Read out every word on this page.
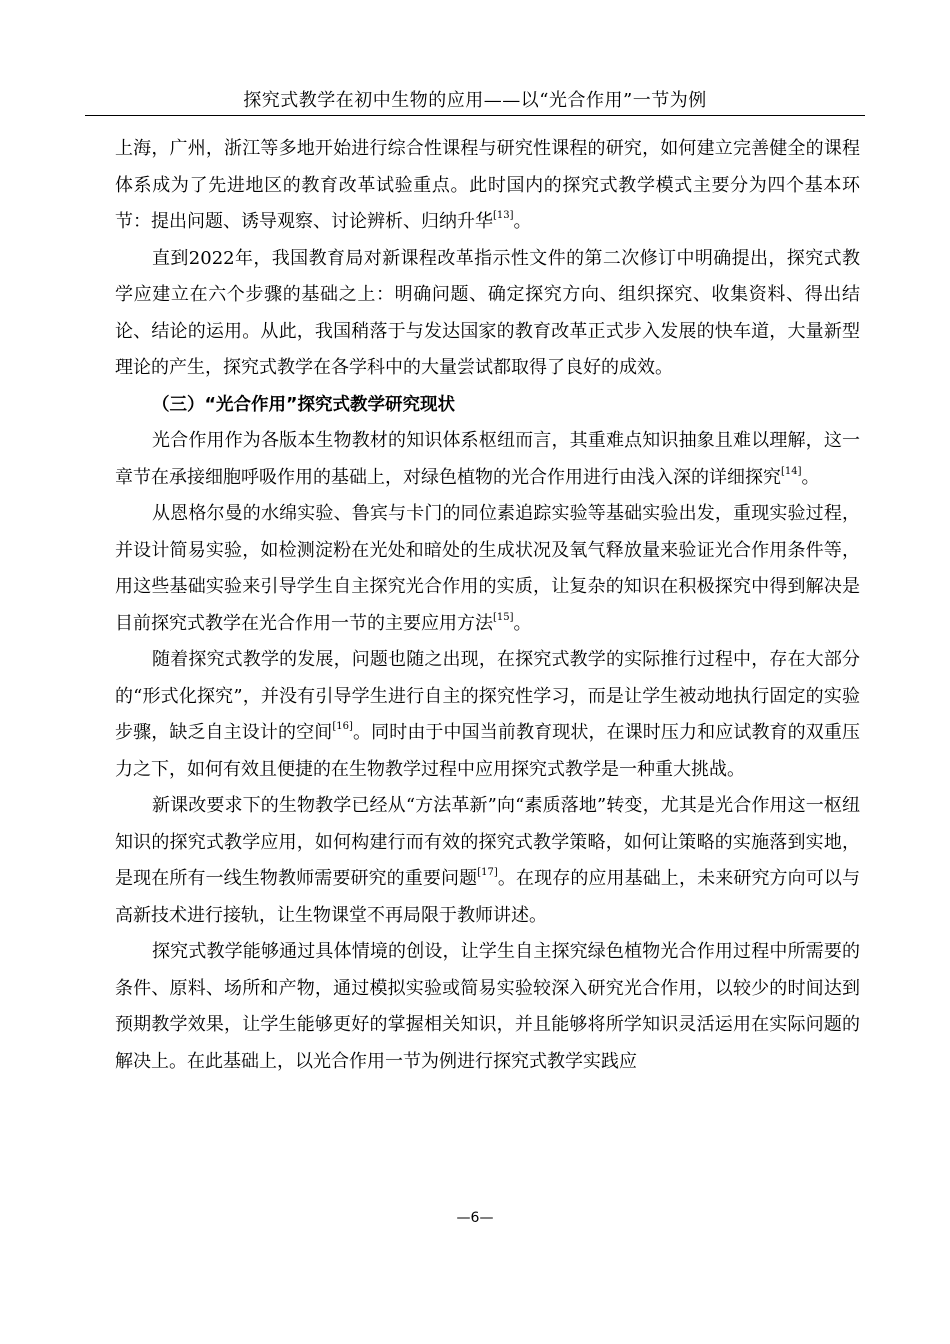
探究式教学在初中生物的应用——以“光合作用”一节为例

上海，广州，浙江等多地开始进行综合性课程与研究性课程的研究，如何建立完善健全的课程体系成为了先进地区的教育改革试验重点。此时国内的探究式教学模式主要分为四个基本环节：提出问题、诱导观察、讨论辨析、归纳升华[13]。

直到2022年，我国教育局对新课程改革指示性文件的第二次修订中明确提出，探究式教学应建立在六个步骤的基础之上：明确问题、确定探究方向、组织探究、收集资料、得出结论、结论的运用。从此，我国稍落于与发达国家的教育改革正式步入发展的快车道，大量新型理论的产生，探究式教学在各学科中的大量尝试都取得了良好的成效。

（三）“光合作用”探究式教学研究现状

光合作用作为各版本生物教材的知识体系枢纽而言，其重难点知识抽象且难以理解，这一章节在承接细胞呼吸作用的基础上，对绿色植物的光合作用进行由浅入深的详细探究[14]。

从恩格尔曼的水绵实验、鲁宾与卡门的同位素追踪实验等基础实验出发，重现实验过程，并设计简易实验，如检测淀粉在光处和暗处的生成状况及氧气释放量来验证光合作用条件等，用这些基础实验来引导学生自主探究光合作用的实质，让复杂的知识在积极探究中得到解决是目前探究式教学在光合作用一节的主要应用方法[15]。

随着探究式教学的发展，问题也随之出现，在探究式教学的实际推行过程中，存在大部分的“形式化探究”，并没有引导学生进行自主的探究性学习，而是让学生被动地执行固定的实验步骤，缺乏自主设计的空间[16]。同时由于中国当前教育现状，在课时压力和应试教育的双重压力之下，如何有效且便捷的在生物教学过程中应用探究式教学是一种重大挑战。

新课改要求下的生物教学已经从“方法革新”向“素质落地”转变，尤其是光合作用这一枢纽知识的探究式教学应用，如何构建行而有效的探究式教学策略，如何让策略的实施落到实地，是现在所有一线生物教师需要研究的重要问题[17]。在现存的应用基础上，未来研究方向可以与高新技术进行接轨，让生物课堂不再局限于教师讲述。

探究式教学能够通过具体情境的创设，让学生自主探究绿色植物光合作用过程中所需要的条件、原料、场所和产物，通过模拟实验或简易实验较深入研究光合作用，以较少的时间达到预期教学效果，让学生能够更好的掌握相关知识，并且能够将所学知识灵活运用在实际问题的解决上。在此基础上，以光合作用一节为例进行探究式教学实践应

—6—
